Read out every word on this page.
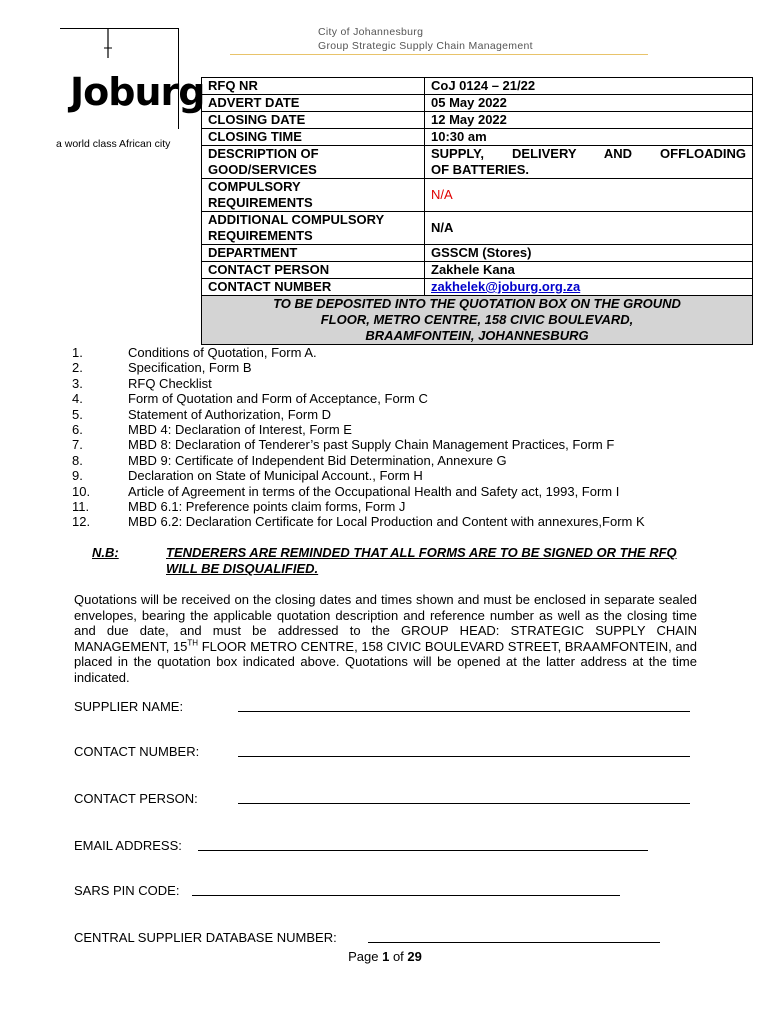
City of Johannesburg
Group Strategic Supply Chain Management
Joburg
a world class African city
RFQ NR	CoJ 0124 – 21/22
ADVERT DATE	05 May 2022
CLOSING DATE	12 May 2022
CLOSING TIME	10:30 am
DESCRIPTION OF GOOD/SERVICES	SUPPLY, DELIVERY AND OFFLOADING
OF BATTERIES.

COMPULSORY
REQUIREMENTS	N/A

ADDITIONAL COMPULSORY
REQUIREMENTS	N/A
DEPARTMENT	GSSCM (Stores)
CONTACT PERSON	Zakhele Kana
CONTACT NUMBER	zakhelek@joburg.org.za

TO BE DEPOSITED INTO THE QUOTATION BOX ON THE GROUND
FLOOR, METRO CENTRE, 158 CIVIC BOULEVARD,
BRAAMFONTEIN, JOHANNESBURG	
1.	Conditions of Quotation, Form A.
2.	Specification, Form B
3.	RFQ Checklist
4.	Form of Quotation and Form of Acceptance, Form C
5.	Statement of Authorization, Form D
6.	MBD 4: Declaration of Interest, Form E
7.	MBD 8: Declaration of Tenderer’s past Supply Chain Management Practices, Form F
8.	MBD 9: Certificate of Independent Bid Determination, Annexure G
9.	Declaration on State of Municipal Account., Form H
10.	Article of Agreement in terms of the Occupational Health and Safety act, 1993, Form I
11.	MBD 6.1: Preference points claim forms, Form J
12.	MBD 6.2: Declaration Certificate for Local Production and Content with annexures,Form K
N.B:	TENDERERS ARE REMINDED THAT ALL FORMS ARE TO BE SIGNED OR THE RFQ WILL BE DISQUALIFIED.
Quotations will be received on the closing dates and times shown and must be enclosed in separate sealed envelopes, bearing the applicable quotation description and reference number as well as the closing time and due date, and must be addressed to the GROUP HEAD: STRATEGIC SUPPLY CHAIN MANAGEMENT, 15TH FLOOR METRO CENTRE, 158 CIVIC BOULEVARD STREET, BRAAMFONTEIN, and placed in the quotation box indicated above. Quotations will be opened at the latter address at the time indicated.
SUPPLIER NAME:
CONTACT NUMBER:
CONTACT PERSON:
EMAIL ADDRESS:
SARS PIN CODE:
CENTRAL SUPPLIER DATABASE NUMBER:
Page 1 of 29
